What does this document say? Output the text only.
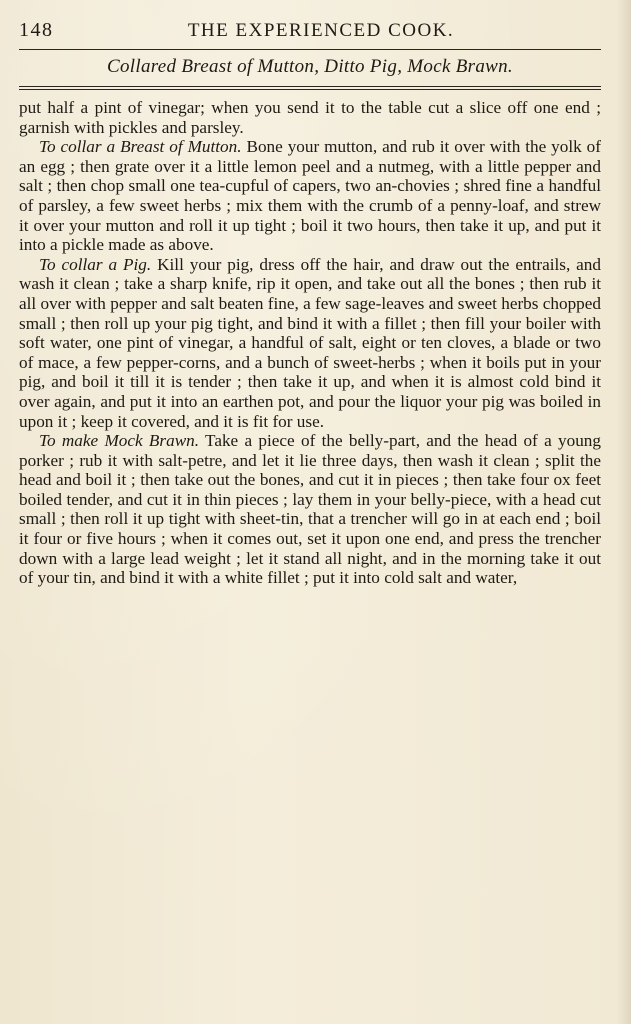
148	THE EXPERIENCED COOK.
Collared Breast of Mutton, Ditto Pig, Mock Brawn.

put half a pint of vinegar; when you send it to the table cut a slice off one end ; garnish with pickles and parsley.

To collar a Breast of Mutton. Bone your mutton, and rub it over with the yolk of an egg ; then grate over it a little lemon peel and a nutmeg, with a little pepper and salt ; then chop small one tea-cupful of capers, two an-chovies ; shred fine a handful of parsley, a few sweet herbs ; mix them with the crumb of a penny-loaf, and strew it over your mutton and roll it up tight ; boil it two hours, then take it up, and put it into a pickle made as above.

To collar a Pig. Kill your pig, dress off the hair, and draw out the entrails, and wash it clean ; take a sharp knife, rip it open, and take out all the bones ; then rub it all over with pepper and salt beaten fine, a few sage-leaves and sweet herbs chopped small ; then roll up your pig tight, and bind it with a fillet ; then fill your boiler with soft water, one pint of vinegar, a handful of salt, eight or ten cloves, a blade or two of mace, a few pepper-corns, and a bunch of sweet-herbs ; when it boils put in your pig, and boil it till it is tender ; then take it up, and when it is almost cold bind it over again, and put it into an earthen pot, and pour the liquor your pig was boiled in upon it ; keep it covered, and it is fit for use.

To make Mock Brawn. Take a piece of the belly-part, and the head of a young porker ; rub it with salt-petre, and let it lie three days, then wash it clean ; split the head and boil it ; then take out the bones, and cut it in pieces ; then take four ox feet boiled tender, and cut it in thin pieces ; lay them in your belly-piece, with a head cut small ; then roll it up tight with sheet-tin, that a trencher will go in at each end ; boil it four or five hours ; when it comes out, set it upon one end, and press the trencher down with a large lead weight ; let it stand all night, and in the morning take it out of your tin, and bind it with a white fillet ; put it into cold salt and water,
